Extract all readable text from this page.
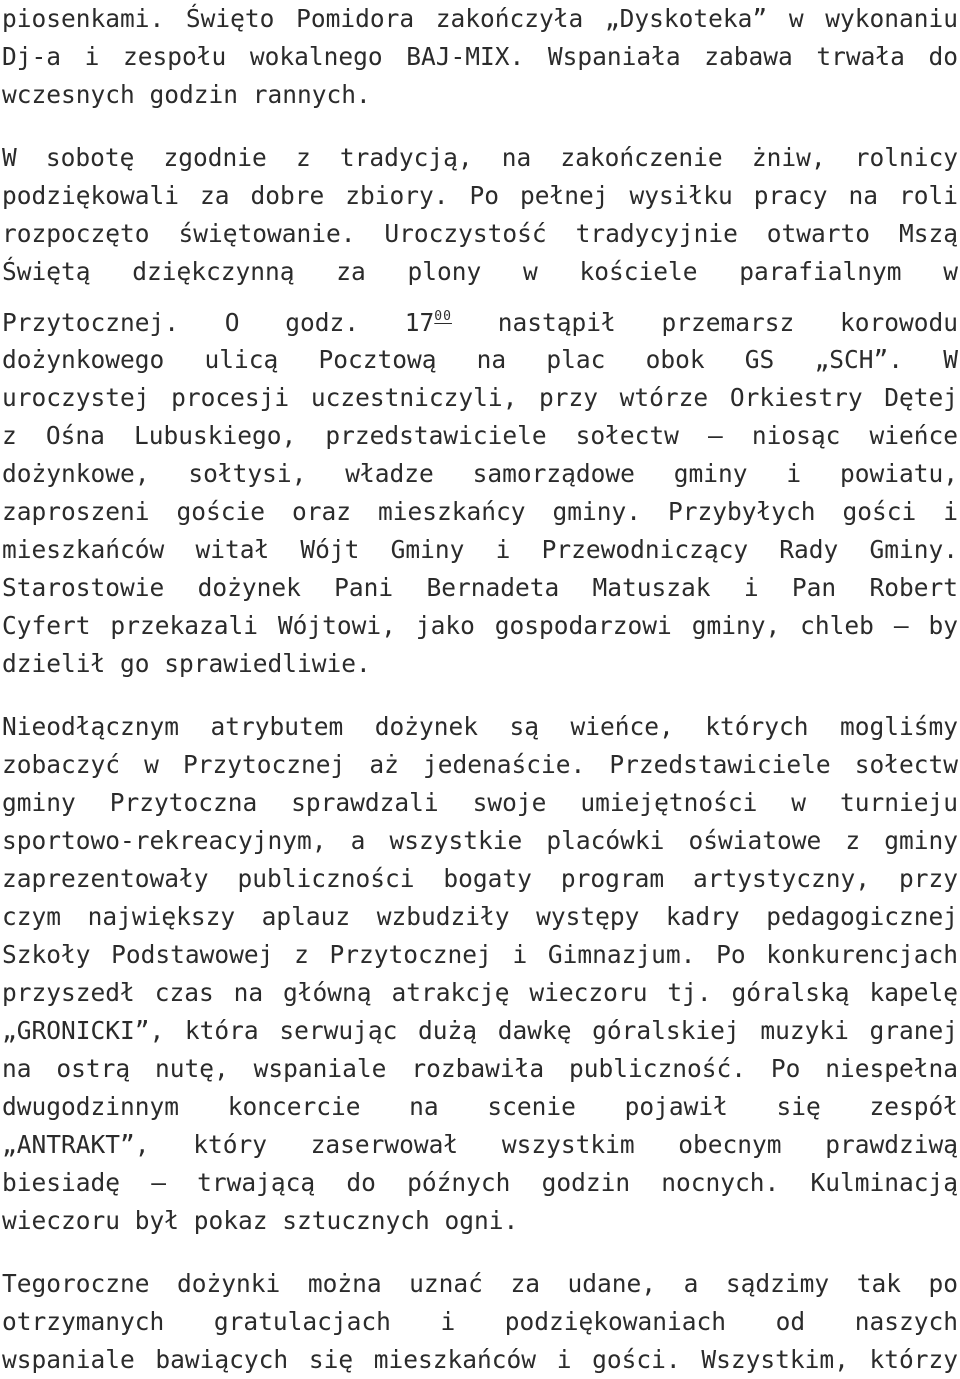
piosenkami. Święto Pomidora zakończyła „Dyskoteka” w wykonaniu
Dj-a i zespołu wokalnego BAJ-MIX. Wspaniała zabawa trwała do
wczesnych godzin rannych.
W sobotę zgodnie z tradycją, na zakończenie żniw, rolnicy
podziękowali za dobre zbiory. Po pełnej wysiłku pracy na roli
rozpoczęto świętowanie. Uroczystość tradycyjnie otwarto Mszą
Świętą dziękczynną za plony w kościele parafialnym w
Przytocznej. O godz. $17^{00}$ nastąpił przemarsz korowodu
dożynkowego ulicą Pocztową na plac obok GS „SCH”. W
uroczystej procesji uczestniczyli, przy wtórze Orkiestry Dętej
z Ośna Lubuskiego, przedstawiciele sołectw – niosąc wieńce
dożynkowe, sołtysi, władze samorządowe gminy i powiatu,
zaproszeni goście oraz mieszkańcy gminy. Przybyłych gości i
mieszkańców witał Wójt Gminy i Przewodniczący Rady Gminy.
Starostowie dożynek Pani Bernadeta Matuszak i Pan Robert
Cyfert przekazali Wójtowi, jako gospodarzowi gminy, chleb – by
dzielił go sprawiedliwie.
Nieodłącznym atrybutem dożynek są wieńce, których mogliśmy
zobaczyć w Przytocznej aż jedenaście. Przedstawiciele sołectw
gminy Przytoczna sprawdzali swoje umiejętności w turnieju
sportowo-rekreacyjnym, a wszystkie placówki oświatowe z gminy
zaprezentowały publiczności bogaty program artystyczny, przy
czym największy aplauz wzbudziły występy kadry pedagogicznej
Szkoły Podstawowej z Przytocznej i Gimnazjum. Po konkurencjach
przyszedł czas na główną atrakcję wieczoru tj. góralską kapelę
„GRONICKI”, która serwując dużą dawkę góralskiej muzyki granej
na ostrą nutę, wspaniale rozbawiła publiczność. Po niespełna
dwugodzinnym koncercie na scenie pojawił się zespół
„ANTRAKT”, który zaserwował wszystkim obecnym prawdziwą
biesiadę – trwającą do późnych godzin nocnych. Kulminacją
wieczoru był pokaz sztucznych ogni.
Tegoroczne dożynki można uznać za udane, a sądzimy tak po
otrzymanych gratulacjach i podziękowaniach od naszych
wspaniale bawiących się mieszkańców i gości. Wszystkim, którzy
